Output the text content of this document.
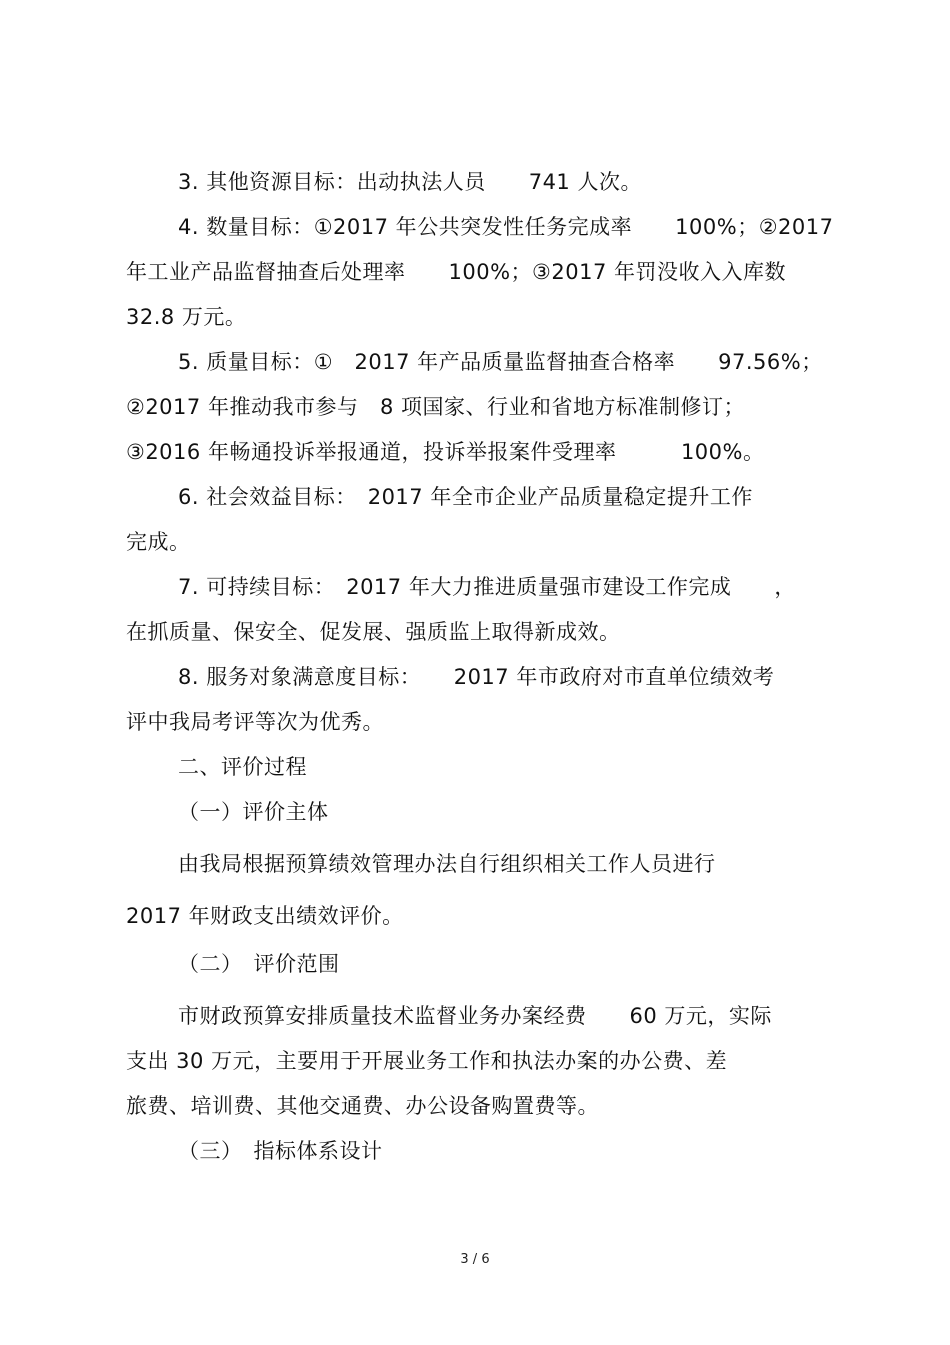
3. 其他资源目标：出动执法人员　　741 人次。
4. 数量目标：①2017 年公共突发性任务完成率　　100%；②2017
年工业产品监督抽查后处理率　　100%；③2017 年罚没收入入库数
32.8 万元。
5. 质量目标：①　2017 年产品质量监督抽查合格率　　97.56%；
②2017 年推动我市参与　8 项国家、行业和省地方标准制修订；
③2016 年畅通投诉举报通道，投诉举报案件受理率　　　100%。
6. 社会效益目标：　2017 年全市企业产品质量稳定提升工作
完成。
7. 可持续目标：　2017 年大力推进质量强市建设工作完成　　，
在抓质量、保安全、促发展、强质监上取得新成效。
8. 服务对象满意度目标：　　2017 年市政府对市直单位绩效考
评中我局考评等次为优秀。
二、评价过程
（一）评价主体
由我局根据预算绩效管理办法自行组织相关工作人员进行
2017 年财政支出绩效评价。
（二）　评价范围
市财政预算安排质量技术监督业务办案经费　　60 万元，实际
支出 30 万元，主要用于开展业务工作和执法办案的办公费、差
旅费、培训费、其他交通费、办公设备购置费等。
（三）　指标体系设计
3 / 6
